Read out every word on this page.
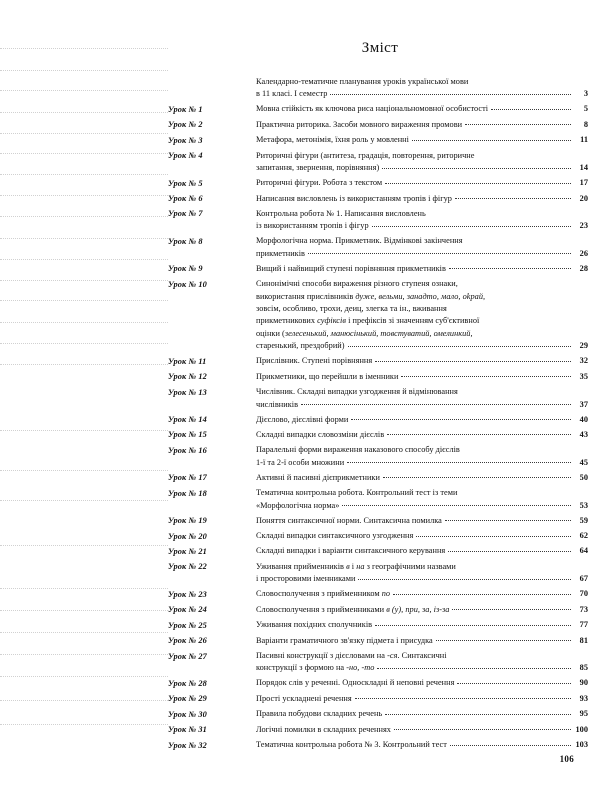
Зміст
Календарно-тематичне планування уроків української мови
в 11 класі. І семестр	3
Урок № 1	Мовна стійкість як ключова риса національномовної особистості	5
Урок № 2	Практична риторика. Засоби мовного вираження промови	8
Урок № 3	Метафора, метонімія, їхня роль у мовленні	11
Урок № 4	Риторичні фігури (антитеза, градація, повторення, риторичне
запитання, звернення, порівняння)	14
Урок № 5	Риторичні фігури. Робота з текстом	17
Урок № 6	Написання висловлень із використанням тропів і фігур	20
Урок № 7	Контрольна робота № 1. Написання висловлень
із використанням тропів і фігур	23
Урок № 8	Морфологічна норма. Прикметник. Відмінкові закінчення
прикметників	26
Урок № 9	Вищий і найвищий ступені порівняння прикметників	28
Урок № 10	Синонімічні способи вираження різного ступеня ознаки,
використання прислівників дуже, вельми, занадто, мало, okpaй,
зовсім, особливо, трохи, деиц, злегка та ін., вживання
прикметникових суфіксів і префіксів зі значенням суб'єктивної
оцінки (зелесенький, манюсінький, товстуватий, омелинкий,
старенький, прездобрий)	29
Урок № 11	Прислівник. Ступені порівняння	32
Урок № 12	Прикметники, що перейшли в іменники	35
Урок № 13	Числівник. Складні випадки узгодження й відмінювання
числівників	37
Урок № 14	Дієслово, дієслівні форми	40
Урок № 15	Складні випадки словозміни дієслів	43
Урок № 16	Паралельні форми вираження наказового способу дієслів
1-ї та 2-ї особи множини	45
Урок № 17	Активні й пасивні дієприкметники	50
Урок № 18	Тематична контрольна робота. Контрольний тест із теми
«Морфологічна норма»	53
Урок № 19	Поняття синтаксичної норми. Синтаксична помилка	59
Урок № 20	Складні випадки синтаксичного узгодження	62
Урок № 21	Складні випадки і варіанти синтаксичного керування	64
Урок № 22	Уживання прийменників в і на з географічними назвами
і просторовими іменниками	67
Урок № 23	Словосполучення з прийменником по	70
Урок № 24	Словосполучення з прийменниками в (у), при, за, із-за	73
Урок № 25	Уживання похідних сполучників	77
Урок № 26	Варіанти граматичного зв'язку підмета і присудка	81
Урок № 27	Пасивні конструкції з дієсловами на -ся. Синтаксичні
конструкції з формою на -но, -то	85
Урок № 28	Порядок слів у реченні. Односкладні й неповні речення	90
Урок № 29	Прості ускладнені речення	93
Урок № 30	Правила побудови складних речень	95
Урок № 31	Логічні помилки в складних реченнях	100
Урок № 32	Тематична контрольна робота № 3. Контрольний тест	103
106
